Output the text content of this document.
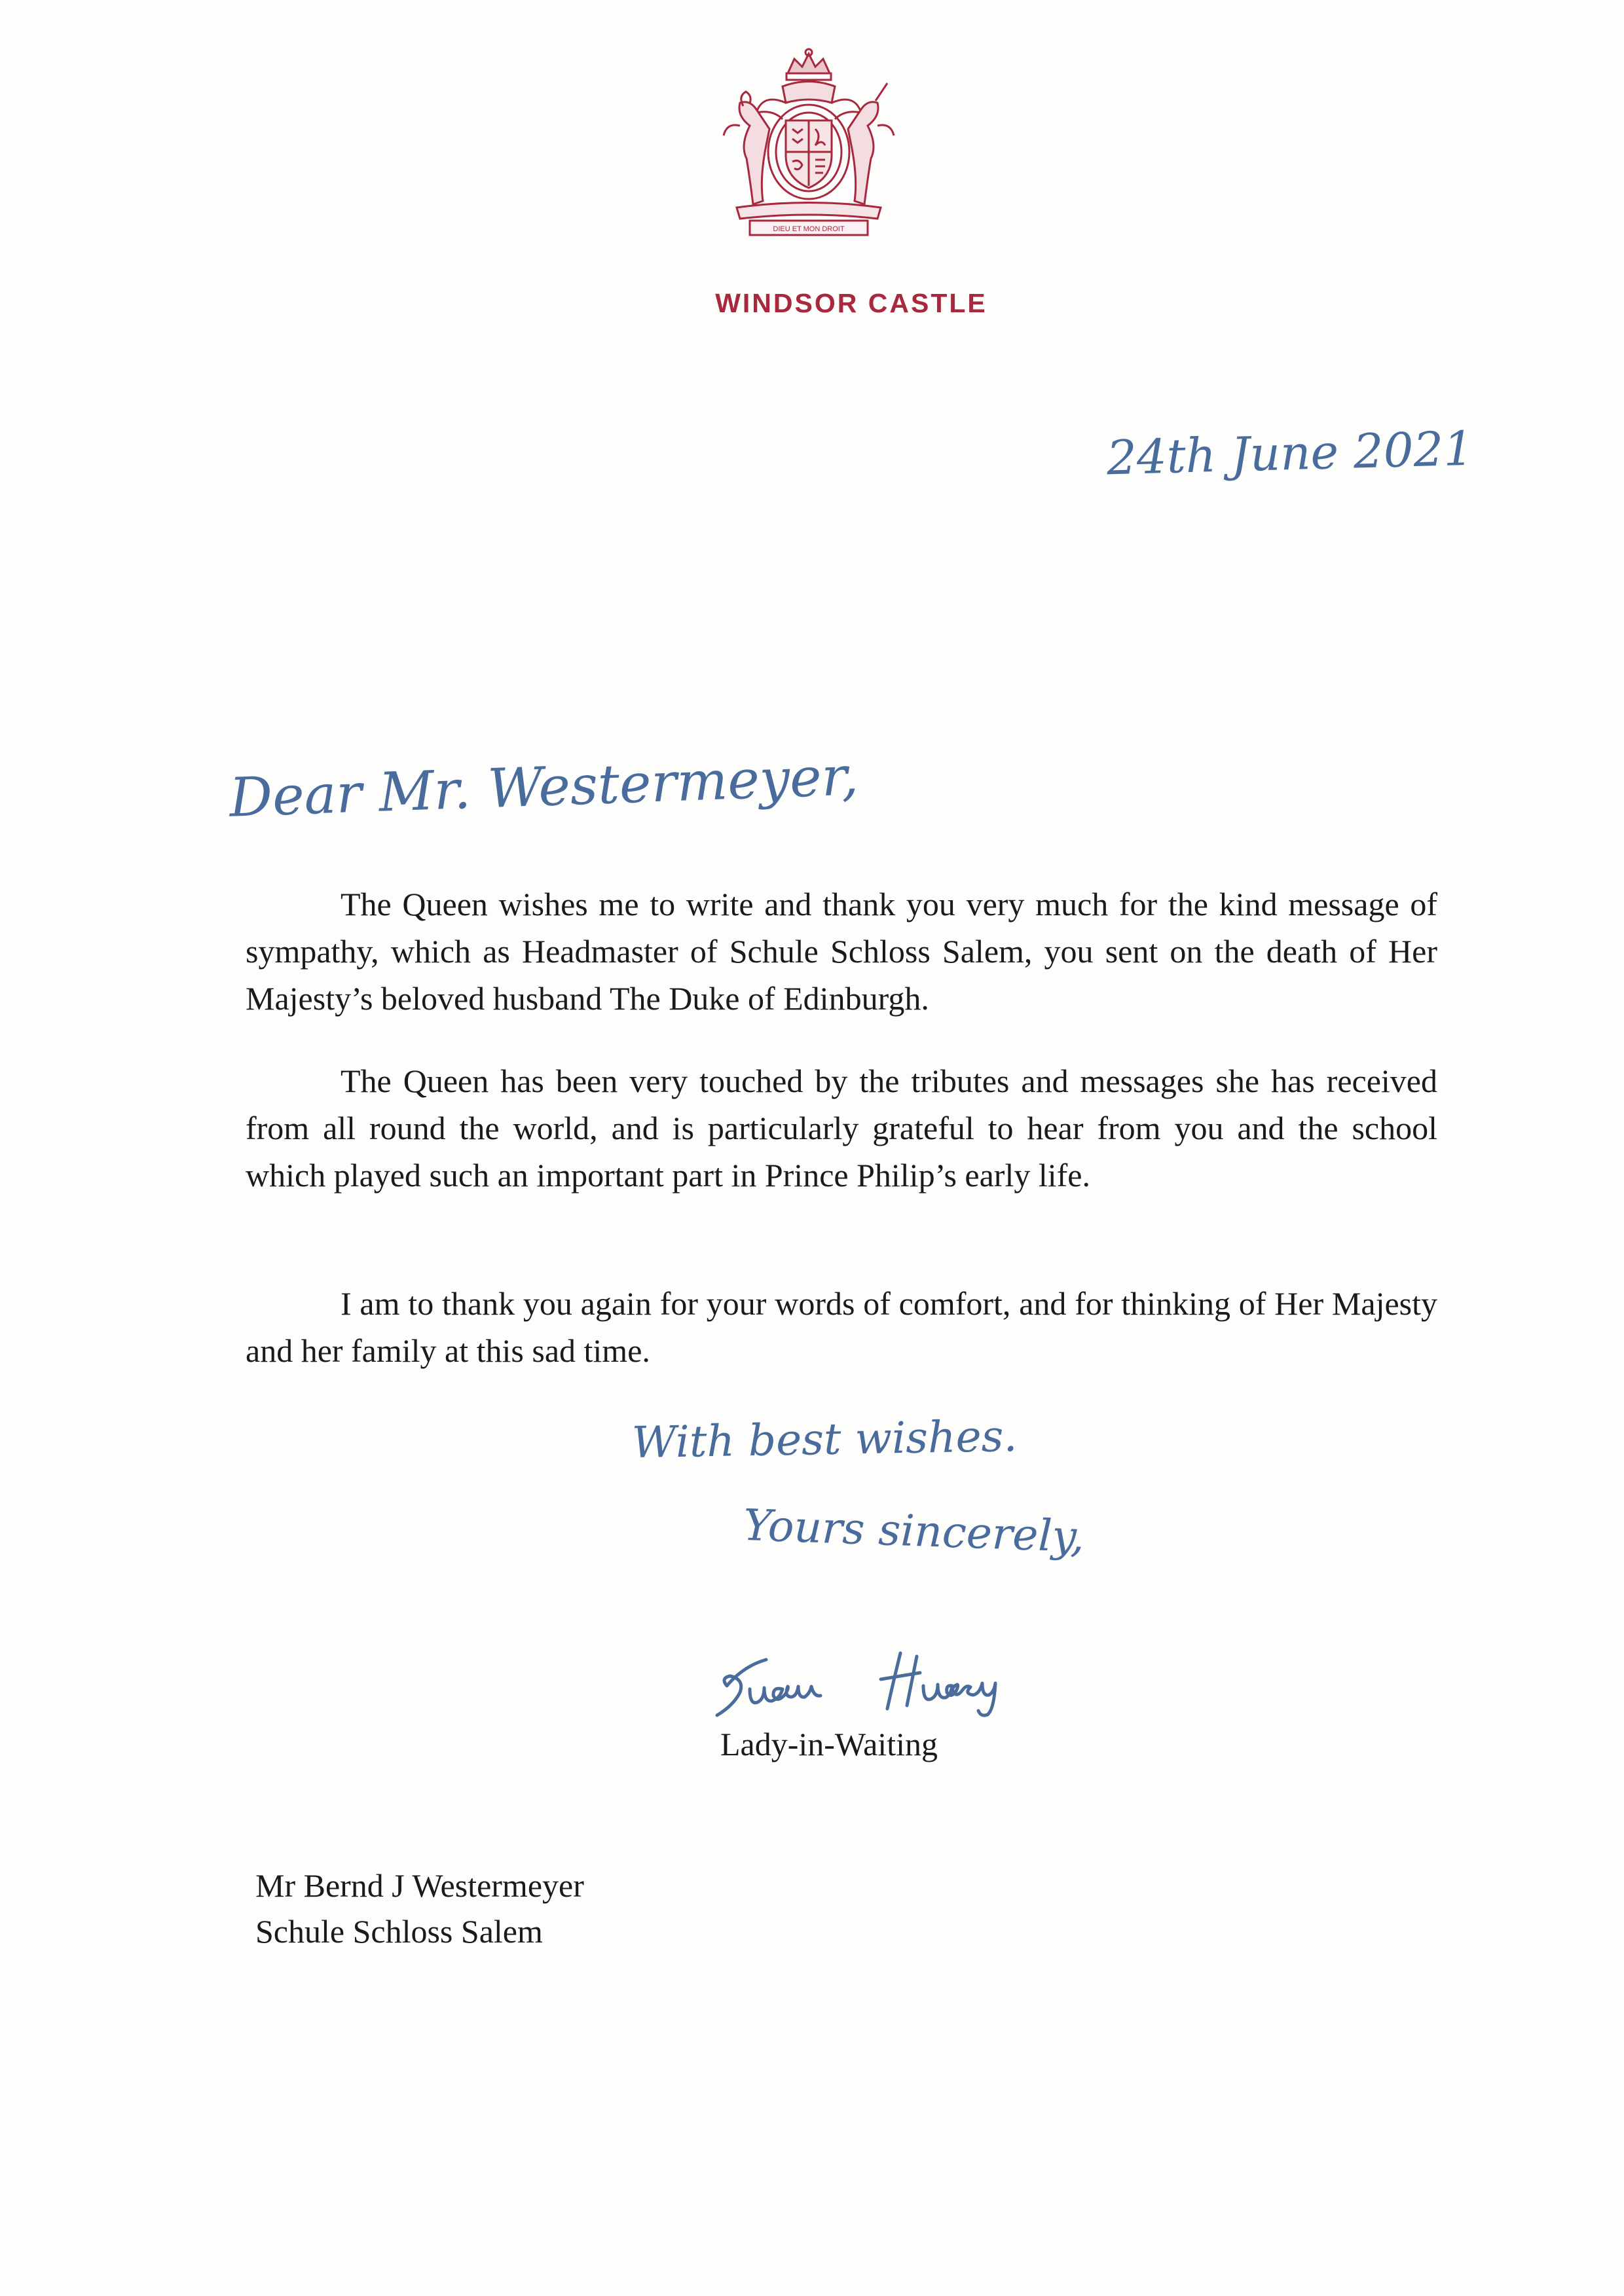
DIEU ET MON DROIT
WINDSOR CASTLE
24th June 2021
Dear Mr. Westermeyer,

The Queen wishes me to write and thank you very much for the kind message of sympathy, which as Headmaster of Schule Schloss Salem, you sent on the death of Her Majesty’s beloved husband The Duke of Edinburgh.

The Queen has been very touched by the tributes and messages she has received from all round the world, and is particularly grateful to hear from you and the school which played such an important part in Prince Philip’s early life.

I am to thank you again for your words of comfort, and for thinking of Her Majesty and her family at this sad time.

With best wishes.
Yours sincerely,
Lady-in-Waiting
Mr Bernd J Westermeyer
Schule Schloss Salem
